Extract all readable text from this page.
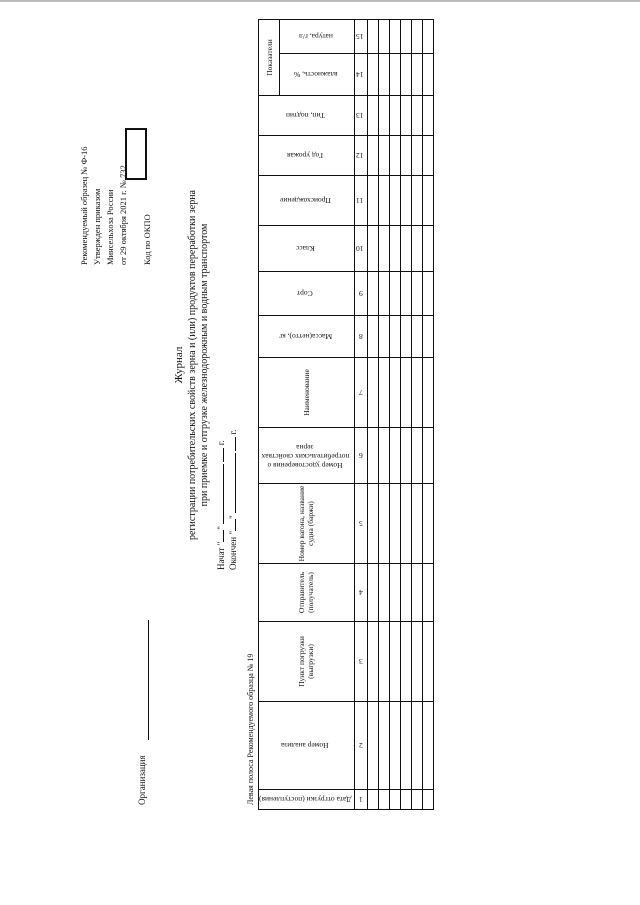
Рекомендуемый образец № Ф-16 Утвержден приказом Минсельхоза России от 29 октября 2021 г. № 732 Код по ОКПО
Журнал регистрации потребительских свойств зерна и (или) продуктов переработки зерна при приемке и отгрузке железнодорожным и водным транспортом
Начат ""   г.
Окончен ""   г.
Организация	Левая полоса Рекомендуемого образца № 19 Дата отгрузки (поступления)	Номер анализа	Пункт погрузки (выгрузки)	Отправитель (получатель)	Номер вагона, название судна (баржи)	Номер удостоверения о потребительских свойствах зерна	Наименование	Масса(нетто), кг	Сорт	Класс	Происхождение	Год урожая	Тип, подтип	Показатели	
													влажность, %	натура, г/л
1	2	3	4	5	6	7	8	9	10	11	12	13	14	15
